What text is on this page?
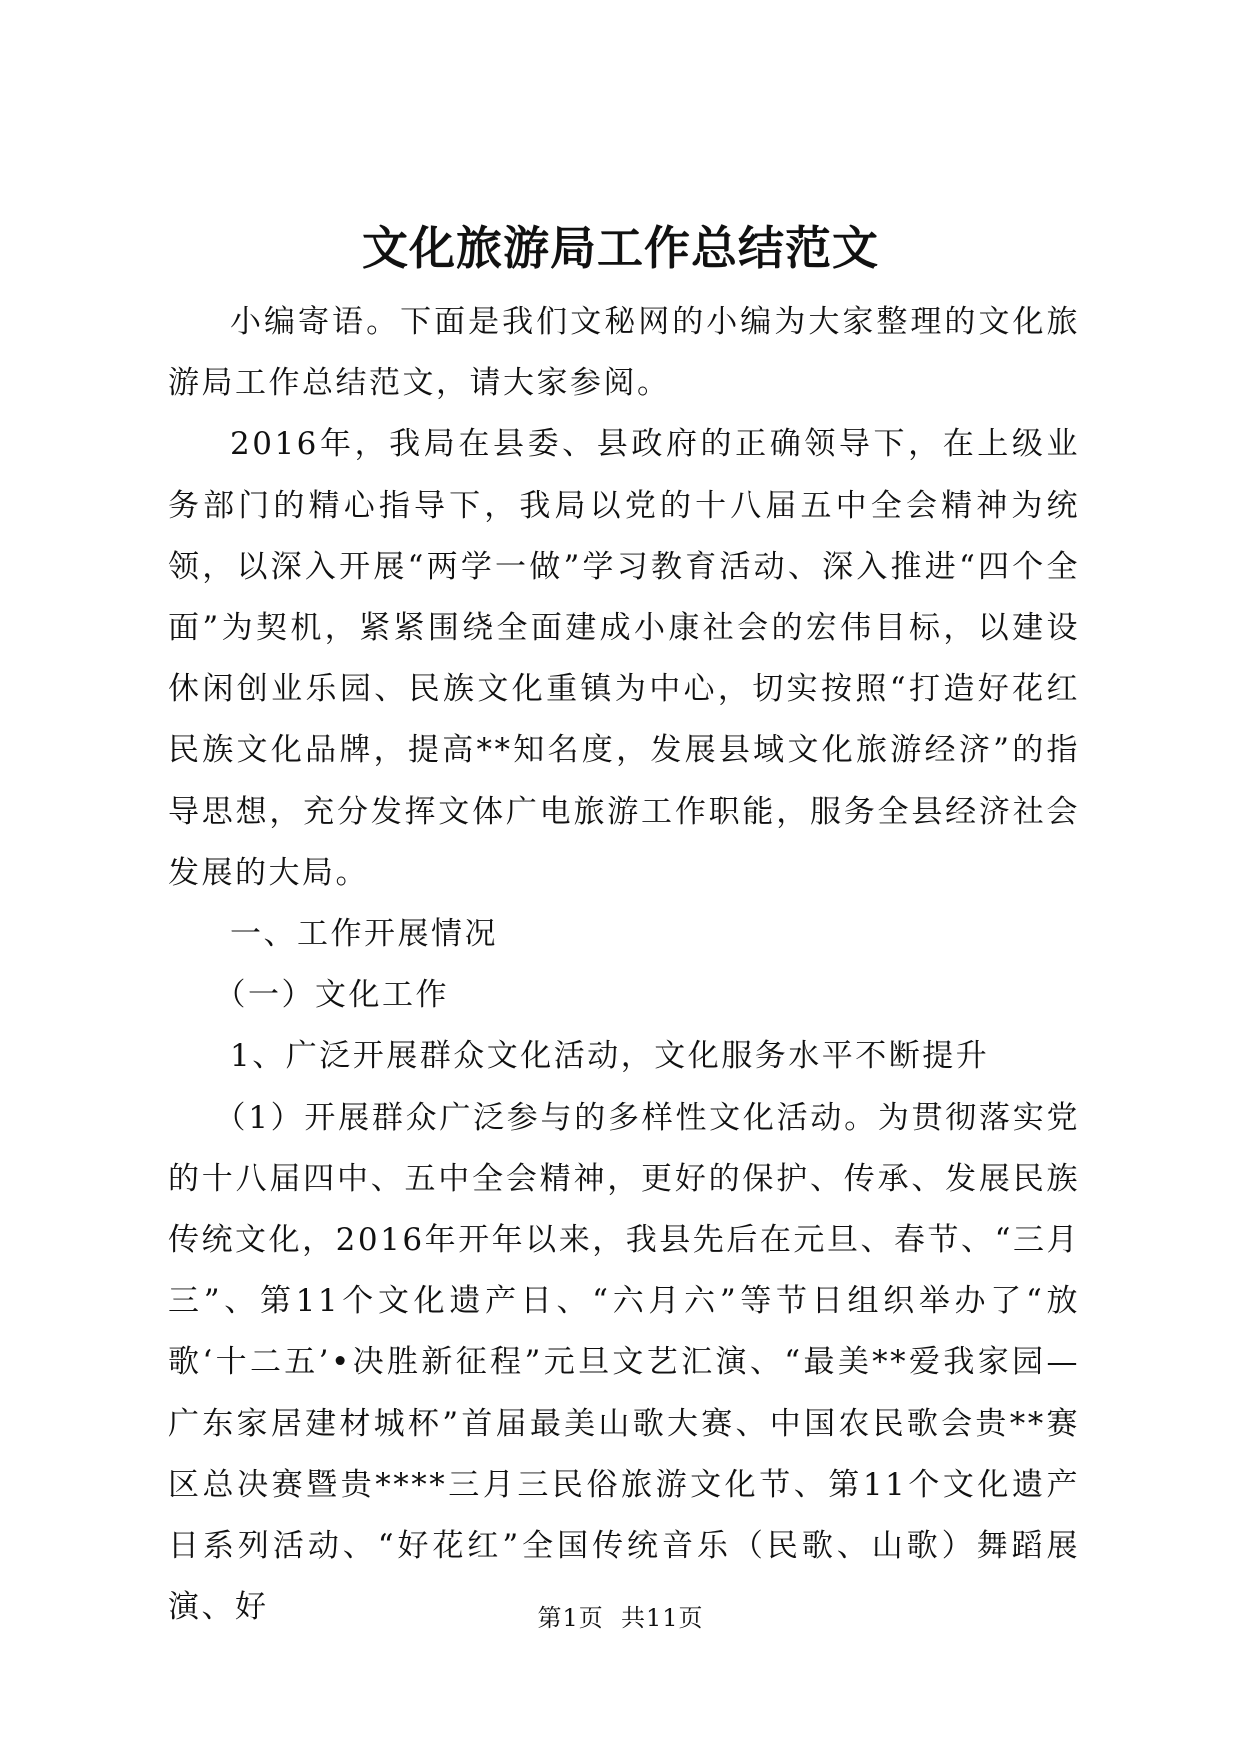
文化旅游局工作总结范文

小编寄语。下面是我们文秘网的小编为大家整理的文化旅游局工作总结范文，请大家参阅。

2016年，我局在县委、县政府的正确领导下，在上级业务部门的精心指导下，我局以党的十八届五中全会精神为统领，以深入开展“两学一做”学习教育活动、深入推进“四个全面”为契机，紧紧围绕全面建成小康社会的宏伟目标，以建设休闲创业乐园、民族文化重镇为中心，切实按照“打造好花红民族文化品牌，提高**知名度，发展县域文化旅游经济”的指导思想，充分发挥文体广电旅游工作职能，服务全县经济社会发展的大局。

一、工作开展情况

（一）文化工作

1、广泛开展群众文化活动，文化服务水平不断提升

（1）开展群众广泛参与的多样性文化活动。为贯彻落实党的十八届四中、五中全会精神，更好的保护、传承、发展民族传统文化，2016年开年以来，我县先后在元旦、春节、“三月三”、第11个文化遗产日、“六月六”等节日组织举办了“放歌‘十二五’•决胜新征程”元旦文艺汇演、“最美**爱我家园—广东家居建材城杯”首届最美山歌大赛、中国农民歌会贵**赛区总决赛暨贵****三月三民俗旅游文化节、第11个文化遗产日系列活动、“好花红”全国传统音乐（民歌、山歌）舞蹈展演、好	第1页  共11页
